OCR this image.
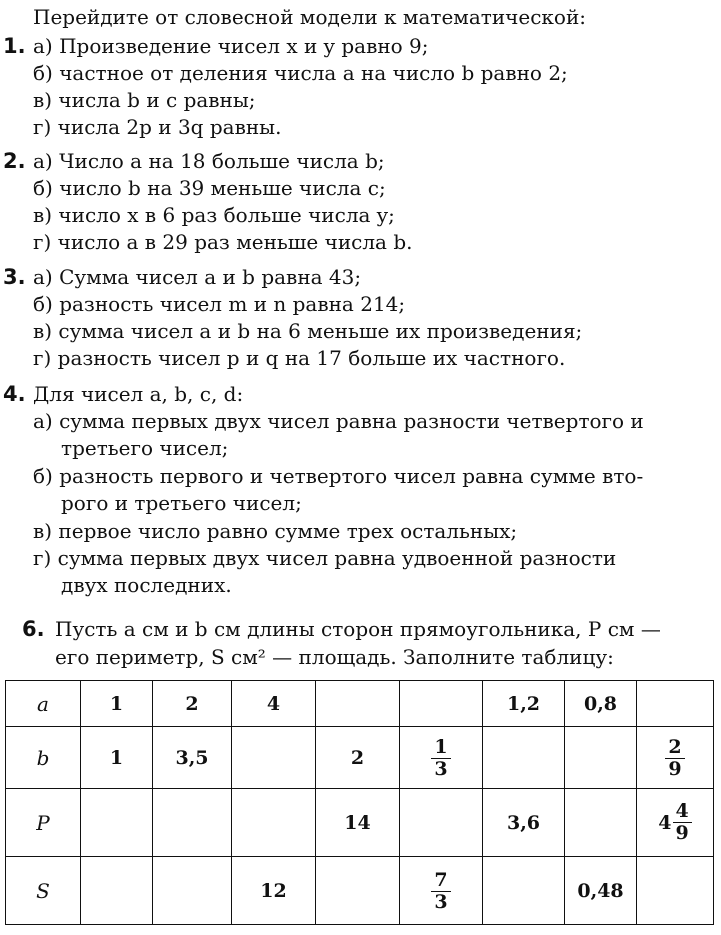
Перейдите от словесной модели к математической:
1. а) Произведение чисел x и y равно 9;
б) частное от деления числа a на число b равно 2;
в) числа b и c равны;
г) числа 2p и 3q равны.
2. а) Число a на 18 больше числа b;
б) число b на 39 меньше числа c;
в) число x в 6 раз больше числа y;
г) число a в 29 раз меньше числа b.
3. а) Сумма чисел a и b равна 43;
б) разность чисел m и n равна 214;
в) сумма чисел a и b на 6 меньше их произведения;
г) разность чисел p и q на 17 больше их частного.
4. Для чисел a, b, c, d:
а) сумма первых двух чисел равна разности четвертого и
третьего чисел;
б) разность первого и четвертого чисел равна сумме вто-
рого и третьего чисел;
в) первое число равно сумме трех остальных;
г) сумма первых двух чисел равна удвоенной разности
двух последних.
6. Пусть a см и b см длины сторон прямоугольника, P см —
его периметр, S см² — площадь. Заполните таблицу:
a	1	2	4			1,2	0,8	
b	1	3,5		2	$\frac{1}{3}$			$\frac{2}{9}$

P				14		3,6		$4 \frac{4}{9}$

S			12		$\frac{7}{3}$		0,48	
